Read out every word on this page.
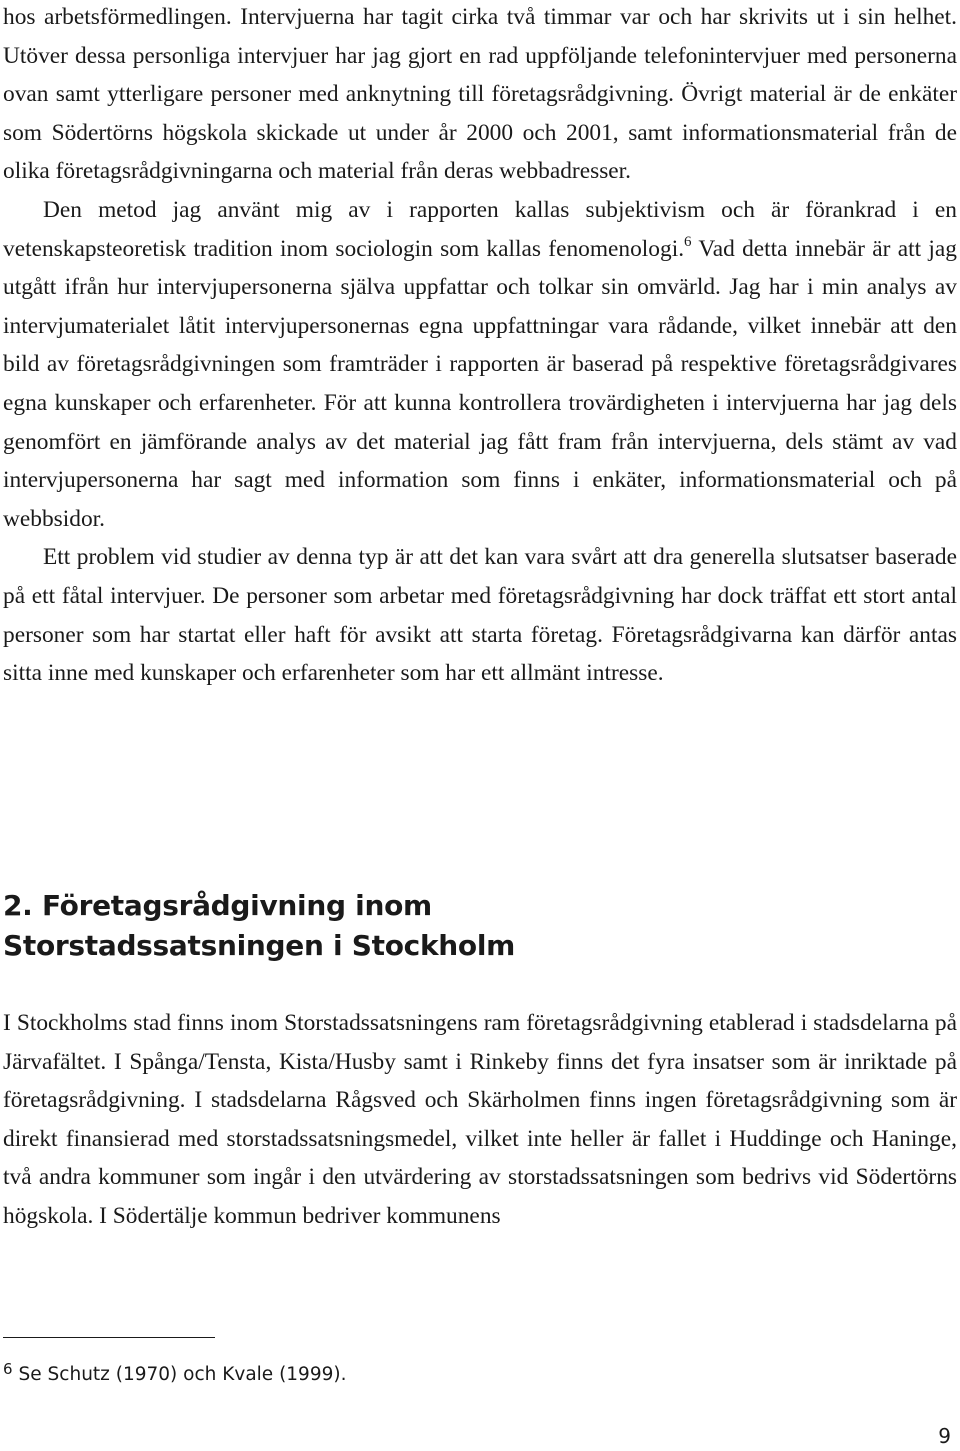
hos arbetsförmedlingen. Intervjuerna har tagit cirka två timmar var och har skrivits ut i sin helhet. Utöver dessa personliga intervjuer har jag gjort en rad uppföljande telefonintervjuer med personerna ovan samt ytterligare personer med anknytning till företagsrådgivning. Övrigt material är de enkäter som Södertörns högskola skickade ut under år 2000 och 2001, samt informationsmaterial från de olika företagsrådgivningarna och material från deras webbadresser.

Den metod jag använt mig av i rapporten kallas subjektivism och är förankrad i en vetenskapsteoretisk tradition inom sociologin som kallas fenomenologi.$^6$ Vad detta innebär är att jag utgått ifrån hur intervjupersonerna själva uppfattar och tolkar sin omvärld. Jag har i min analys av intervjumaterialet låtit intervjupersonernas egna uppfattningar vara rådande, vilket innebär att den bild av företagsrådgivningen som framträder i rapporten är baserad på respektive företagsrådgivares egna kunskaper och erfarenheter. För att kunna kontrollera trovärdigheten i intervjuerna har jag dels genomfört en jämförande analys av det material jag fått fram från intervjuerna, dels stämt av vad intervjupersonerna har sagt med information som finns i enkäter, informationsmaterial och på webbsidor.

Ett problem vid studier av denna typ är att det kan vara svårt att dra generella slutsatser baserade på ett fåtal intervjuer. De personer som arbetar med företagsrådgivning har dock träffat ett stort antal personer som har startat eller haft för avsikt att starta företag. Företagsrådgivarna kan därför antas sitta inne med kunskaper och erfarenheter som har ett allmänt intresse.

2. Företagsrådgivning inom
Storstadssatsningen i Stockholm

I Stockholms stad finns inom Storstadssatsningens ram företagsrådgivning etablerad i stadsdelarna på Järvafältet. I Spånga/Tensta, Kista/Husby samt i Rinkeby finns det fyra insatser som är inriktade på företagsrådgivning. I stadsdelarna Rågsved och Skärholmen finns ingen företagsrådgivning som är direkt finansierad med storstadssatsningsmedel, vilket inte heller är fallet i Huddinge och Haninge, två andra kommuner som ingår i den utvärdering av storstadssatsningen som bedrivs vid Södertörns högskola. I Södertälje kommun bedriver kommunens

$^6$ Se Schutz (1970) och Kvale (1999).
9
